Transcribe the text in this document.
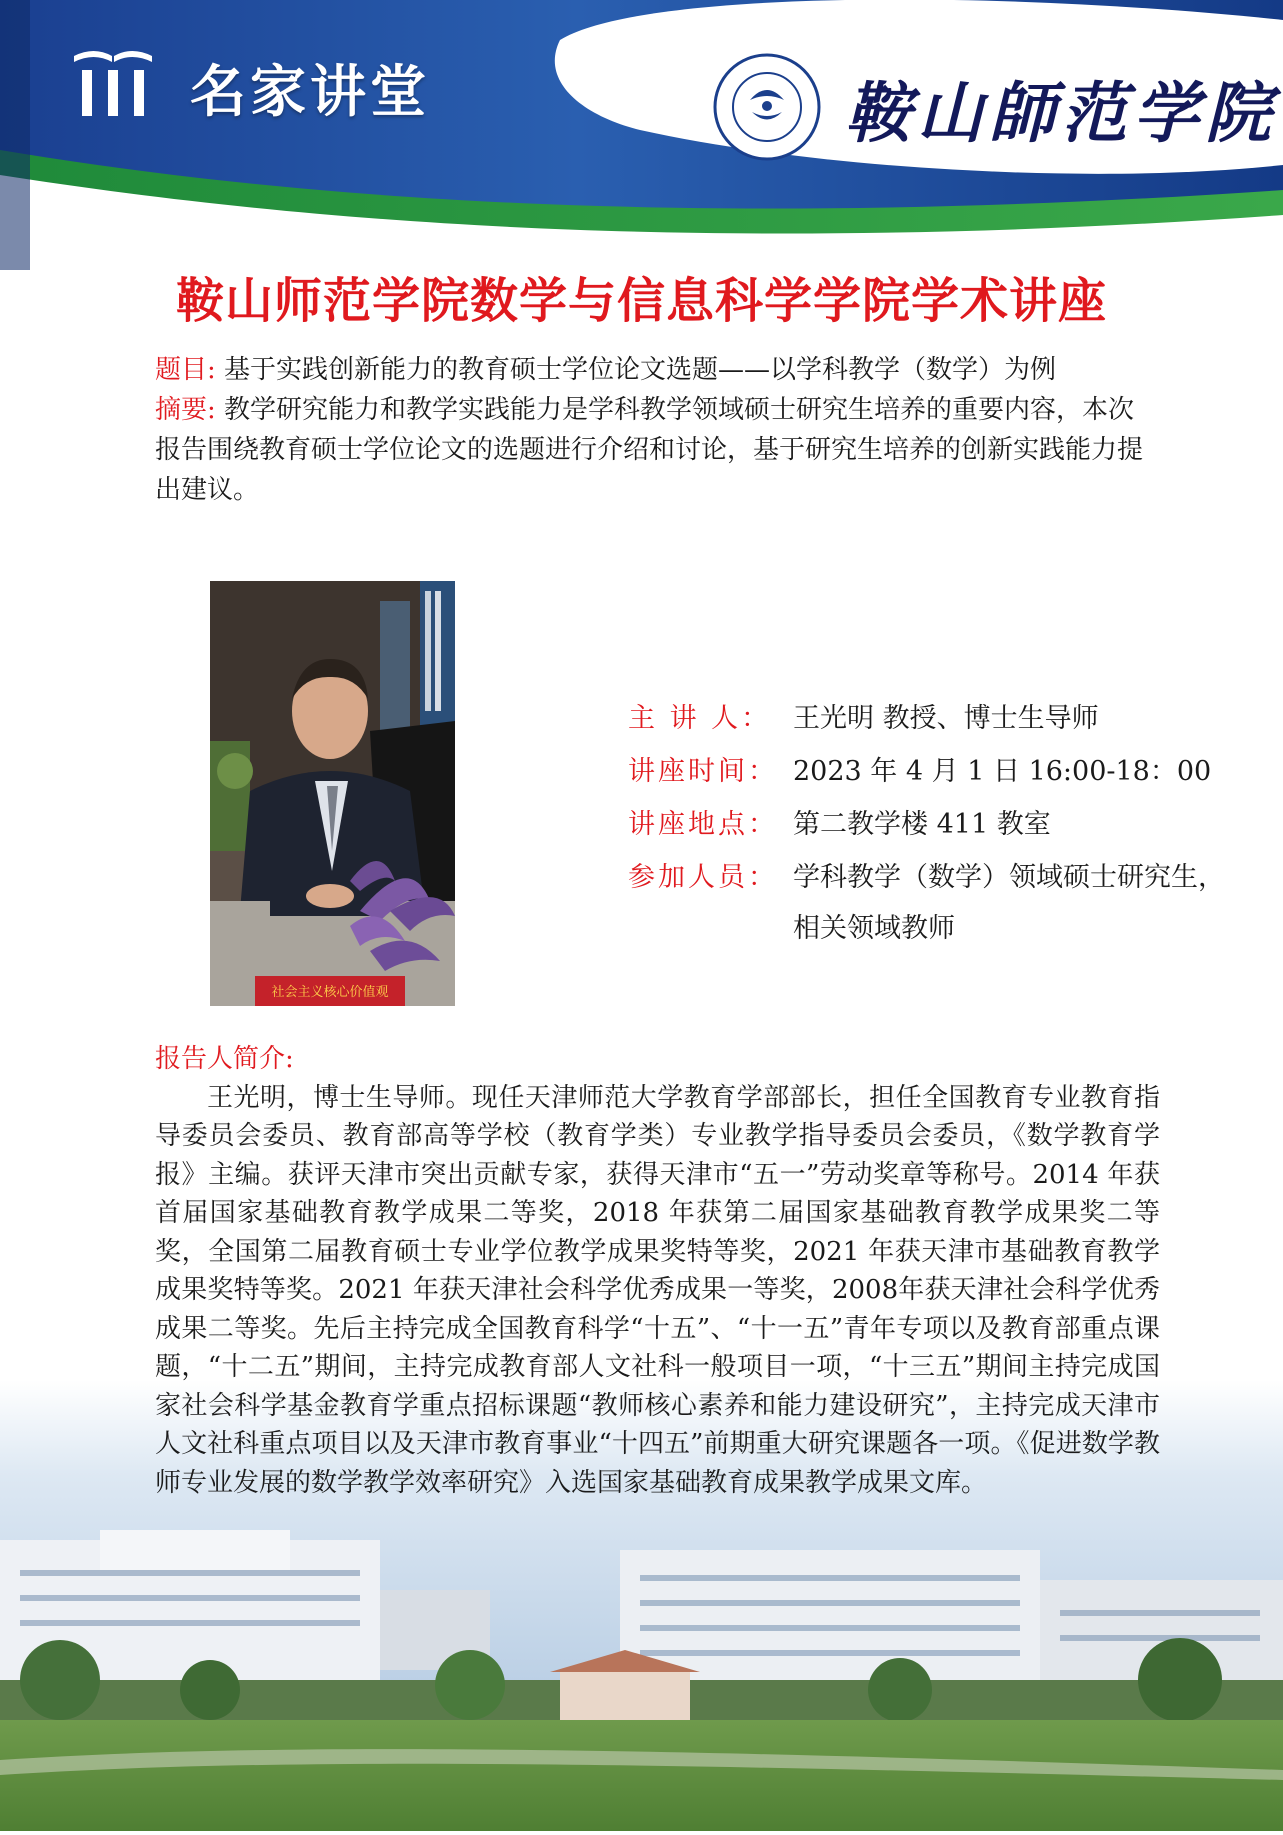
名家讲堂	鞍山師范学院
鞍山师范学院数学与信息科学学院学术讲座
题目: 基于实践创新能力的教育硕士学位论文选题——以学科教学（数学）为例
摘要: 教学研究能力和教学实践能力是学科教学领域硕士研究生培养的重要内容，本次报告围绕教育硕士学位论文的选题进行介绍和讨论，基于研究生培养的创新实践能力提出建议。
社会主义核心价值观
主 讲 人： 王光明 教授、博士生导师
讲座时间： 2023 年 4 月 1 日 16:00-18：00
讲座地点： 第二教学楼 411 教室
参加人员： 学科教学（数学）领域硕士研究生，
相关领域教师
报告人简介:
王光明，博士生导师。现任天津师范大学教育学部部长，担任全国教育专业教育指导委员会委员、教育部高等学校（教育学类）专业教学指导委员会委员，《数学教育学报》主编。获评天津市突出贡献专家，获得天津市“五一”劳动奖章等称号。2014 年获首届国家基础教育教学成果二等奖，2018 年获第二届国家基础教育教学成果奖二等奖，全国第二届教育硕士专业学位教学成果奖特等奖，2021 年获天津市基础教育教学成果奖特等奖。2021 年获天津社会科学优秀成果一等奖，2008年获天津社会科学优秀成果二等奖。先后主持完成全国教育科学“十五”、“十一五”青年专项以及教育部重点课题，“十二五”期间，主持完成教育部人文社科一般项目一项，“十三五”期间主持完成国家社会科学基金教育学重点招标课题“教师核心素养和能力建设研究”，主持完成天津市人文社科重点项目以及天津市教育事业“十四五”前期重大研究课题各一项。《促进数学教师专业发展的数学教学效率研究》入选国家基础教育成果教学成果文库。
